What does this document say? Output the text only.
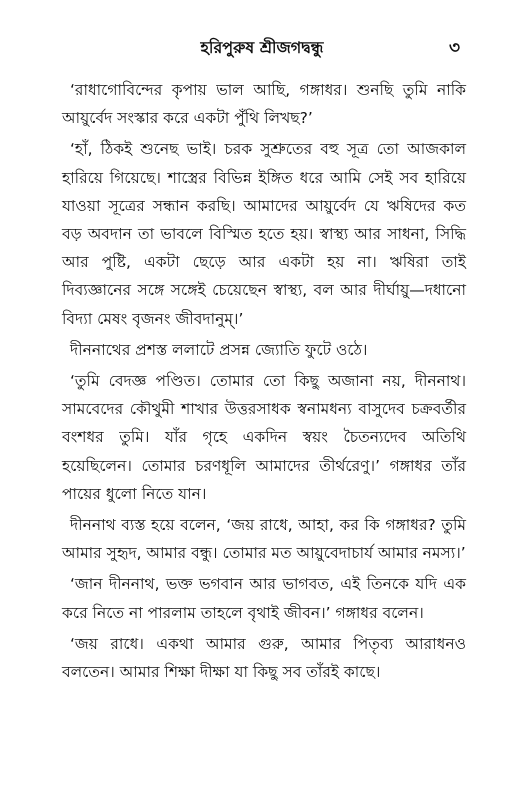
হরিপুরুষ শ্রীজগদ্বন্ধু	৩

‘রাধাগোবিন্দের কৃপায় ভাল আছি, গঙ্গাধর। শুনছি তুমি নাকি আয়ুর্বেদ সংস্কার করে একটা পুঁথি লিখছ?’

‘হাঁ, ঠিকই শুনেছ ভাই। চরক সুশ্রুতের বহু সূত্র তো আজকাল হারিয়ে গিয়েছে। শাস্ত্রের বিভিন্ন ইঙ্গিত ধরে আমি সেই সব হারিয়ে যাওয়া সূত্রের সন্ধান করছি। আমাদের আয়ুর্বেদ যে ঋষিদের কত বড় অবদান তা ভাবলে বিস্মিত হতে হয়। স্বাস্থ্য আর সাধনা, সিদ্ধি আর পুষ্টি, একটা ছেড়ে আর একটা হয় না। ঋষিরা তাই দিব্যজ্ঞানের সঙ্গে সঙ্গেই চেয়েছেন স্বাস্থ্য, বল আর দীর্ঘায়ু—দধানো বিদ্যা মেষং বৃজনং জীবদানুম্।’

দীননাথের প্রশস্ত ললাটে প্রসন্ন জ্যোতি ফুটে ওঠে।

‘তুমি বেদজ্ঞ পণ্ডিত। তোমার তো কিছু অজানা নয়, দীননাথ। সামবেদের কৌথুমী শাখার উত্তরসাধক স্বনামধন্য বাসুদেব চক্রবর্তীর বংশধর তুমি। যাঁর গৃহে একদিন স্বয়ং চৈতন্যদেব অতিথি হয়েছিলেন। তোমার চরণধূলি আমাদের তীর্থরেণু।’ গঙ্গাধর তাঁর পায়ের ধুলো নিতে যান।

দীননাথ ব্যস্ত হয়ে বলেন, ‘জয় রাধে, আহা, কর কি গঙ্গাধর? তুমি আমার সুহৃদ, আমার বন্ধু। তোমার মত আয়ুবেদাচার্য আমার নমস্য।’

‘জান দীননাথ, ভক্ত ভগবান আর ভাগবত, এই তিনকে যদি এক করে নিতে না পারলাম তাহলে বৃথাই জীবন।’ গঙ্গাধর বলেন।

‘জয় রাধে। একথা আমার গুরু, আমার পিতৃব্য আরাধনও বলতেন। আমার শিক্ষা দীক্ষা যা কিছু সব তাঁরই কাছে।
